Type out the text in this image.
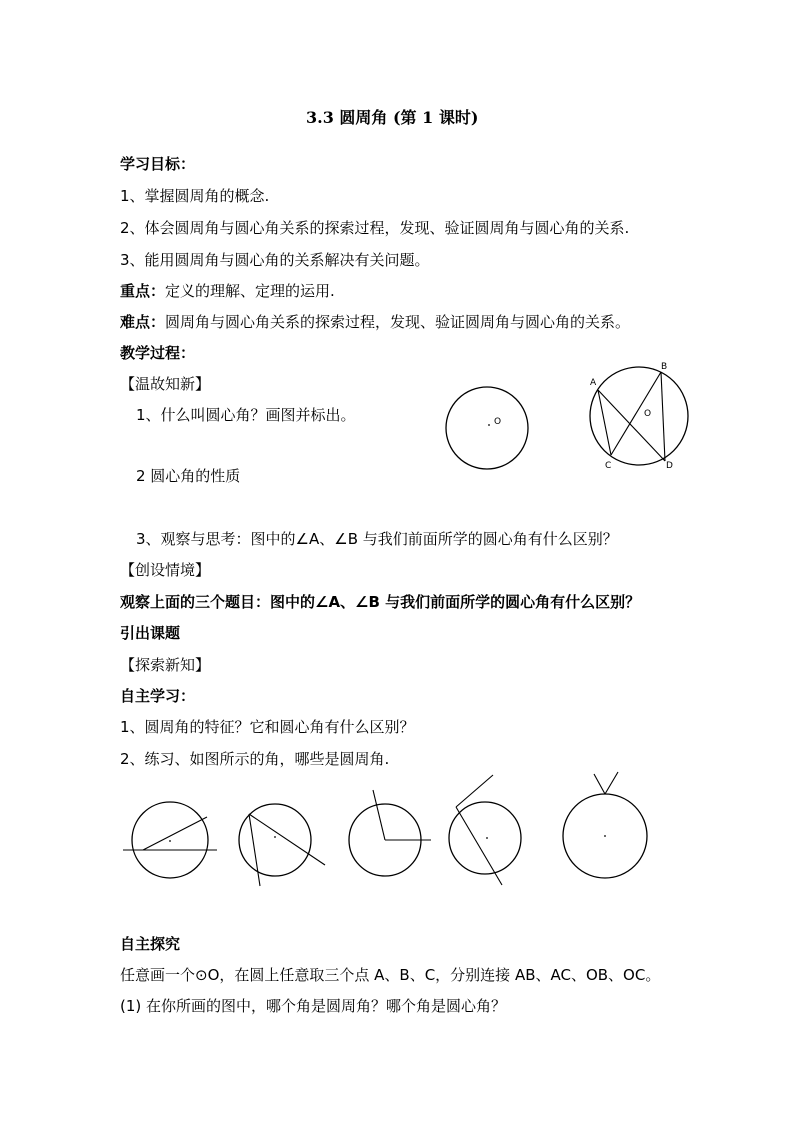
3.3 圆周角 (第 1 课时)
学习目标：
1、掌握圆周角的概念.
2、体会圆周角与圆心角关系的探索过程，发现、验证圆周角与圆心角的关系.
3、能用圆周角与圆心角的关系解决有关问题。
重点：定义的理解、定理的运用.
难点：圆周角与圆心角关系的探索过程，发现、验证圆周角与圆心角的关系。
教学过程：
【温故知新】
1、什么叫圆心角？画图并标出。
2 圆心角的性质
3、观察与思考：图中的∠A、∠B 与我们前面所学的圆心角有什么区别？
O
A
B
C	D
O
【创设情境】
观察上面的三个题目：图中的∠A、∠B 与我们前面所学的圆心角有什么区别？
引出课题
【探索新知】
自主学习：
1、圆周角的特征？它和圆心角有什么区别？
2、练习、如图所示的角，哪些是圆周角.
自主探究
任意画一个⊙O，在圆上任意取三个点 A、B、C，分别连接 AB、AC、OB、OC。
(1) 在你所画的图中，哪个角是圆周角？哪个角是圆心角？
